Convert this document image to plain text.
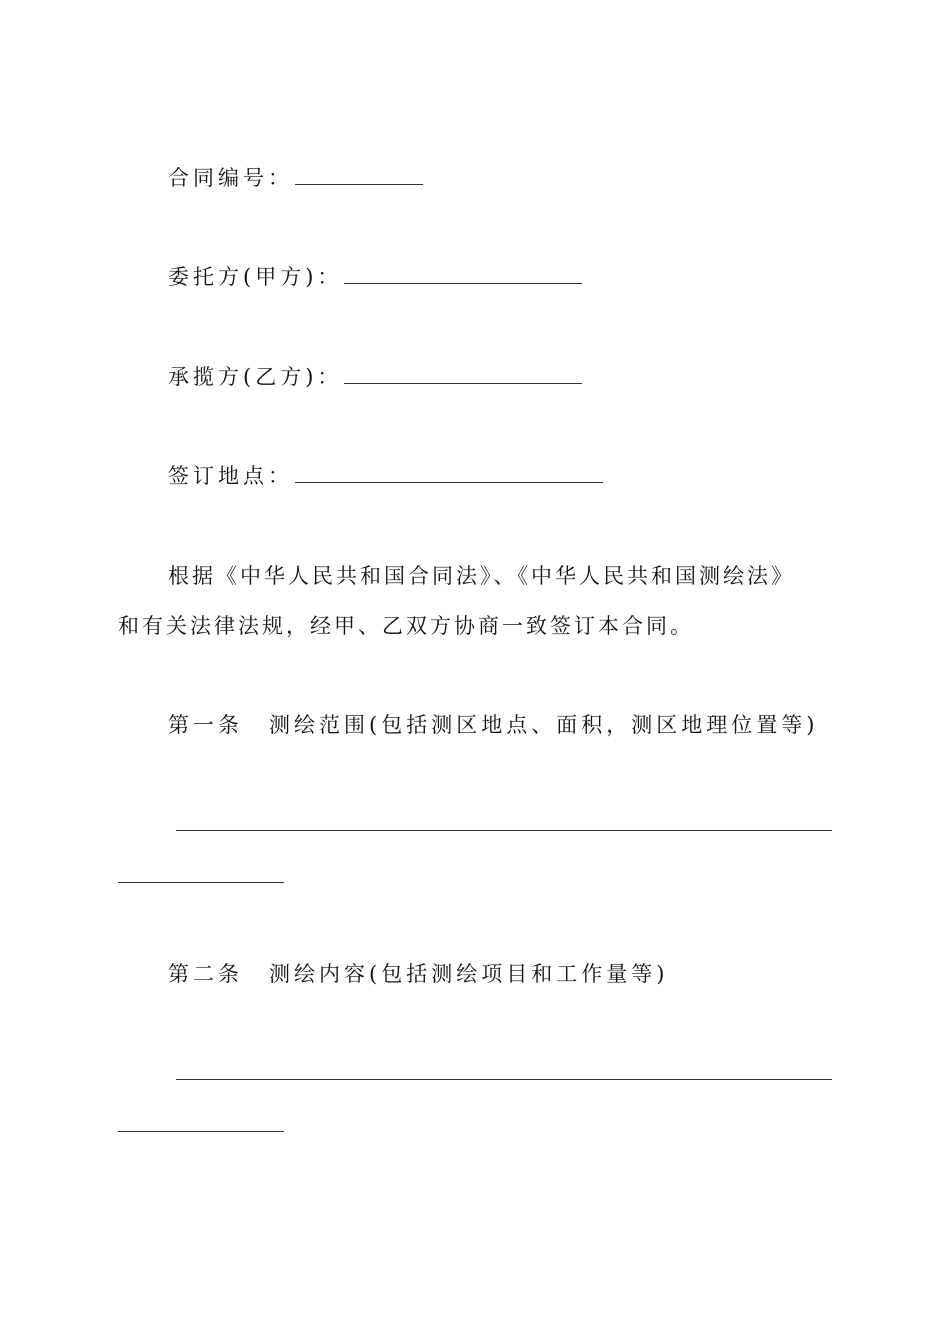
合同编号：
委托方(甲方)：
承揽方(乙方)：
签订地点：
根据《中华人民共和国合同法》、《中华人民共和国测绘法》
和有关法律法规，经甲、乙双方协商一致签订本合同。
第一条 测绘范围(包括测区地点、面积，测区地理位置等)
第二条 测绘内容(包括测绘项目和工作量等)
